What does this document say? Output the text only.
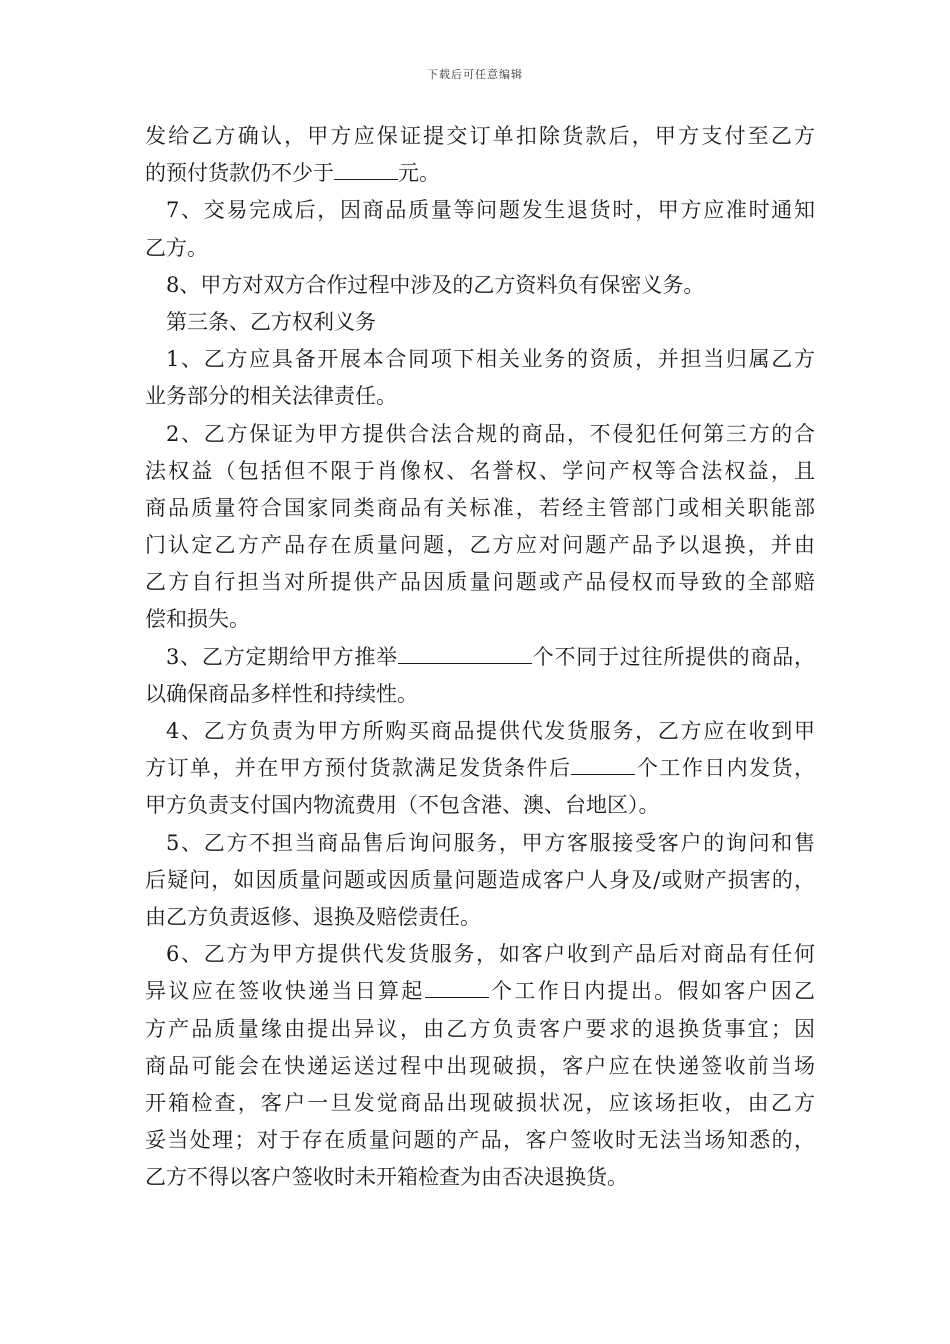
下载后可任意编辑
发给乙方确认，甲方应保证提交订单扣除货款后，甲方支付至乙方
的预付货款仍不少于	元。
7、交易完成后，因商品质量等问题发生退货时，甲方应准时通知
乙方。
8、甲方对双方合作过程中涉及的乙方资料负有保密义务。
第三条、乙方权利义务
1、乙方应具备开展本合同项下相关业务的资质，并担当归属乙方
业务部分的相关法律责任。
2、乙方保证为甲方提供合法合规的商品，不侵犯任何第三方的合
法权益（包括但不限于肖像权、名誉权、学问产权等合法权益，且
商品质量符合国家同类商品有关标准，若经主管部门或相关职能部
门认定乙方产品存在质量问题，乙方应对问题产品予以退换，并由
乙方自行担当对所提供产品因质量问题或产品侵权而导致的全部赔
偿和损失。
3、乙方定期给甲方推举	个不同于过往所提供的商品，
以确保商品多样性和持续性。
4、乙方负责为甲方所购买商品提供代发货服务，乙方应在收到甲
方订单，并在甲方预付货款满足发货条件后	个工作日内发货，
甲方负责支付国内物流费用（不包含港、澳、台地区）。
5、乙方不担当商品售后询问服务，甲方客服接受客户的询问和售
后疑问，如因质量问题或因质量问题造成客户人身及/或财产损害的，
由乙方负责返修、退换及赔偿责任。
6、乙方为甲方提供代发货服务，如客户收到产品后对商品有任何
异议应在签收快递当日算起	个工作日内提出。假如客户因乙
方产品质量缘由提出异议，由乙方负责客户要求的退换货事宜；因
商品可能会在快递运送过程中出现破损，客户应在快递签收前当场
开箱检查，客户一旦发觉商品出现破损状况，应该场拒收，由乙方
妥当处理；对于存在质量问题的产品，客户签收时无法当场知悉的，
乙方不得以客户签收时未开箱检查为由否决退换货。
